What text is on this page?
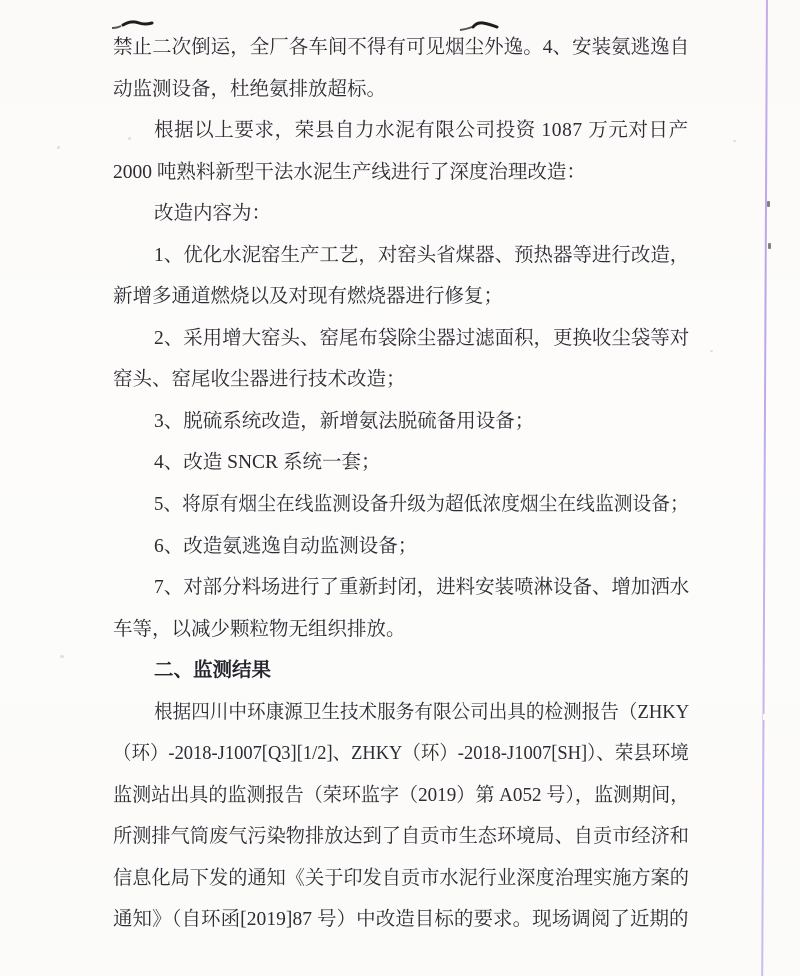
禁止二次倒运，全厂各车间不得有可见烟尘外逸。4、安装氨逃逸自
动监测设备，杜绝氨排放超标。
根据以上要求，荣县自力水泥有限公司投资 1087 万元对日产
2000 吨熟料新型干法水泥生产线进行了深度治理改造：
改造内容为：
1、优化水泥窑生产工艺，对窑头省煤器、预热器等进行改造，
新增多通道燃烧以及对现有燃烧器进行修复；
2、采用增大窑头、窑尾布袋除尘器过滤面积，更换收尘袋等对
窑头、窑尾收尘器进行技术改造；
3、脱硫系统改造，新增氨法脱硫备用设备；
4、改造 SNCR 系统一套；
5、将原有烟尘在线监测设备升级为超低浓度烟尘在线监测设备；
6、改造氨逃逸自动监测设备；
7、对部分料场进行了重新封闭，进料安装喷淋设备、增加洒水
车等，以减少颗粒物无组织排放。
二、监测结果
根据四川中环康源卫生技术服务有限公司出具的检测报告（ZHKY
（环）-2018-J1007[Q3][1/2]、ZHKY（环）-2018-J1007[SH]）、荣县环境
监测站出具的监测报告（荣环监字（2019）第 A052 号），监测期间，
所测排气筒废气污染物排放达到了自贡市生态环境局、自贡市经济和
信息化局下发的通知《关于印发自贡市水泥行业深度治理实施方案的
通知》（自环函[2019]87 号）中改造目标的要求。现场调阅了近期的
